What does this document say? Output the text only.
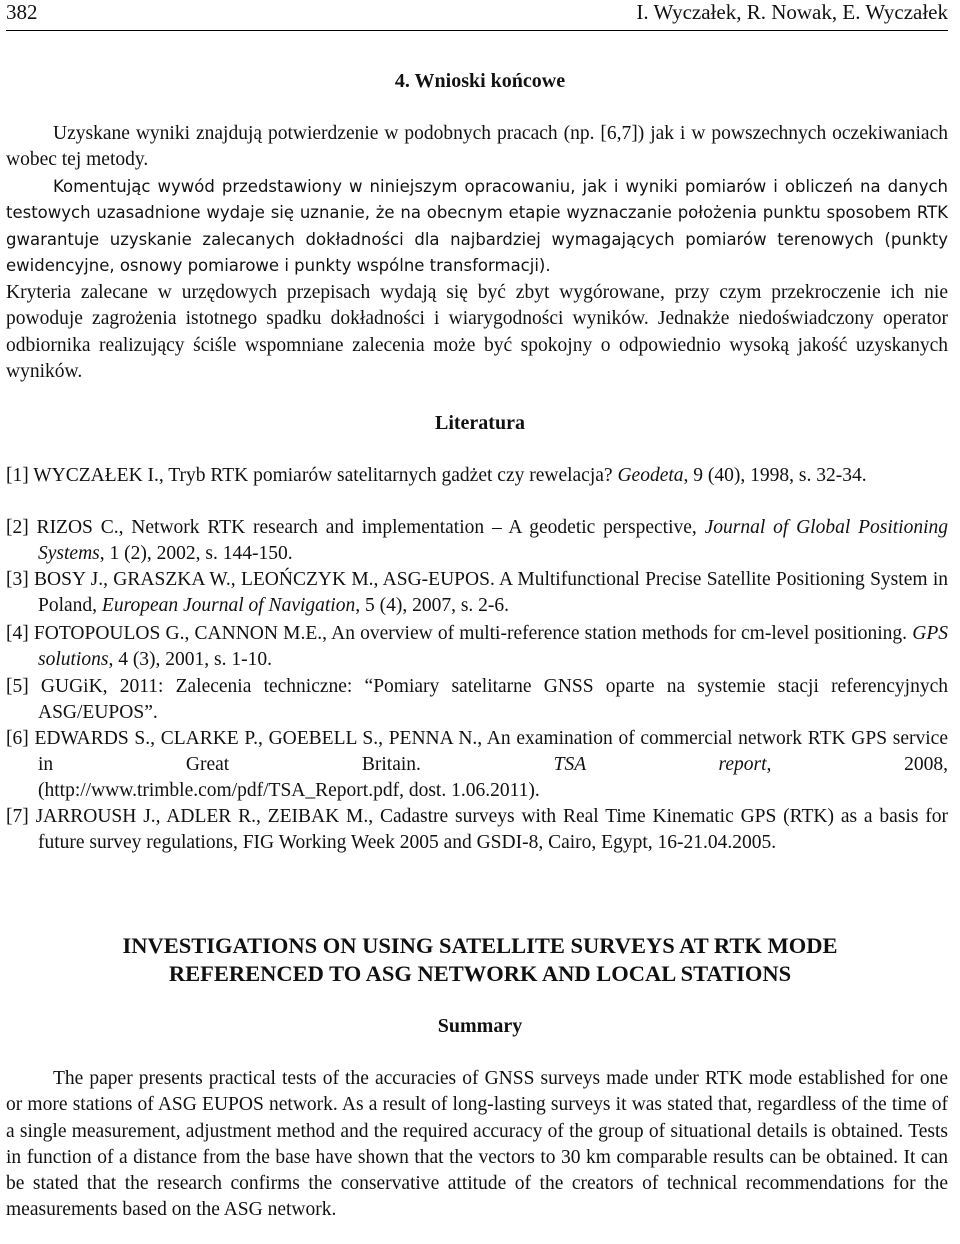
382	I. Wyczałek, R. Nowak, E. Wyczałek
4. Wnioski końcowe
Uzyskane wyniki znajdują potwierdzenie w podobnych pracach (np. [6,7]) jak i w powszechnych oczekiwaniach wobec tej metody.
Komentując wywód przedstawiony w niniejszym opracowaniu, jak i wyniki pomiarów i obliczeń na danych testowych uzasadnione wydaje się uznanie, że na obecnym etapie wyznaczanie położenia punktu sposobem RTK gwarantuje uzyskanie zalecanych dokładności dla najbardziej wymagających pomiarów terenowych (punkty ewidencyjne, osnowy pomiarowe i punkty wspólne transformacji).
Kryteria zalecane w urzędowych przepisach wydają się być zbyt wygórowane, przy czym przekroczenie ich nie powoduje zagrożenia istotnego spadku dokładności i wiarygodności wyników. Jednakże niedoświadczony operator odbiornika realizujący ściśle wspomniane zalecenia może być spokojny o odpowiednio wysoką jakość uzyskanych wyników.
Literatura
[1] WYCZAŁEK I., Tryb RTK pomiarów satelitarnych gadżet czy rewelacja? Geodeta, 9 (40), 1998, s. 32-34.
[2] RIZOS C., Network RTK research and implementation – A geodetic perspective, Journal of Global Positioning Systems, 1 (2), 2002, s. 144-150.
[3] BOSY J., GRASZKA W., LEOŃCZYK M., ASG-EUPOS. A Multifunctional Precise Satellite Positioning System in Poland, European Journal of Navigation, 5 (4), 2007, s. 2-6.
[4] FOTOPOULOS G., CANNON M.E., An overview of multi-reference station methods for cm-level positioning. GPS solutions, 4 (3), 2001, s. 1-10.
[5] GUGiK, 2011: Zalecenia techniczne: “Pomiary satelitarne GNSS oparte na systemie stacji referencyjnych ASG/EUPOS”.
[6] EDWARDS S., CLARKE P., GOEBELL S., PENNA N., An examination of commercial network RTK GPS service in Great Britain. TSA report, 2008,
(http://www.trimble.com/pdf/TSA_Report.pdf, dost. 1.06.2011).
[7] JARROUSH J., ADLER R., ZEIBAK M., Cadastre surveys with Real Time Kinematic GPS (RTK) as a basis for future survey regulations, FIG Working Week 2005 and GSDI-8, Cairo, Egypt, 16-21.04.2005.
INVESTIGATIONS ON USING SATELLITE SURVEYS AT RTK MODE
REFERENCED TO ASG NETWORK AND LOCAL STATIONS
Summary
The paper presents practical tests of the accuracies of GNSS surveys made under RTK mode established for one or more stations of ASG EUPOS network. As a result of long-lasting surveys it was stated that, regardless of the time of a single measurement, adjustment method and the required accuracy of the group of situational details is obtained. Tests in function of a distance from the base have shown that the vectors to 30 km comparable results can be obtained. It can be stated that the research confirms the conservative attitude of the creators of technical recommendations for the measurements based on the ASG network.
